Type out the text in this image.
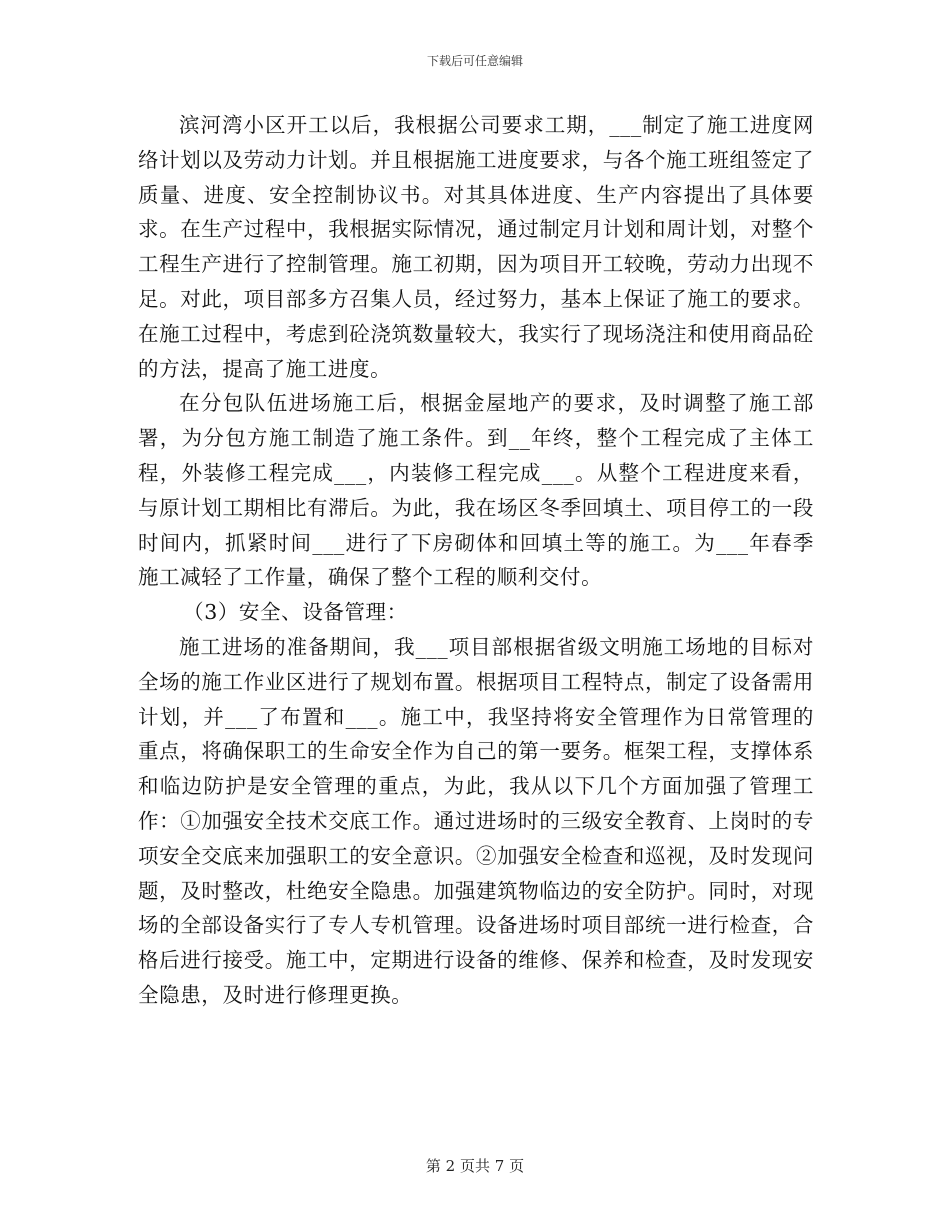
下载后可任意编辑

滨河湾小区开工以后，我根据公司要求工期，___制定了施工进度网络计划以及劳动力计划。并且根据施工进度要求，与各个施工班组签定了质量、进度、安全控制协议书。对其具体进度、生产内容提出了具体要求。在生产过程中，我根据实际情况，通过制定月计划和周计划，对整个工程生产进行了控制管理。施工初期，因为项目开工较晚，劳动力出现不足。对此，项目部多方召集人员，经过努力，基本上保证了施工的要求。在施工过程中，考虑到砼浇筑数量较大，我实行了现场浇注和使用商品砼的方法，提高了施工进度。

在分包队伍进场施工后，根据金屋地产的要求，及时调整了施工部署，为分包方施工制造了施工条件。到__年终，整个工程完成了主体工程，外装修工程完成___，内装修工程完成___。从整个工程进度来看，与原计划工期相比有滞后。为此，我在场区冬季回填土、项目停工的一段时间内，抓紧时间___进行了下房砌体和回填土等的施工。为___年春季施工减轻了工作量，确保了整个工程的顺利交付。

（3）安全、设备管理：

施工进场的准备期间，我___项目部根据省级文明施工场地的目标对全场的施工作业区进行了规划布置。根据项目工程特点，制定了设备需用计划，并___了布置和___。施工中，我坚持将安全管理作为日常管理的重点，将确保职工的生命安全作为自己的第一要务。框架工程，支撑体系和临边防护是安全管理的重点，为此，我从以下几个方面加强了管理工作：①加强安全技术交底工作。通过进场时的三级安全教育、上岗时的专项安全交底来加强职工的安全意识。②加强安全检查和巡视，及时发现问题，及时整改，杜绝安全隐患。加强建筑物临边的安全防护。同时，对现场的全部设备实行了专人专机管理。设备进场时项目部统一进行检查，合格后进行接受。施工中，定期进行设备的维修、保养和检查，及时发现安全隐患，及时进行修理更换。

第 2 页共 7 页
